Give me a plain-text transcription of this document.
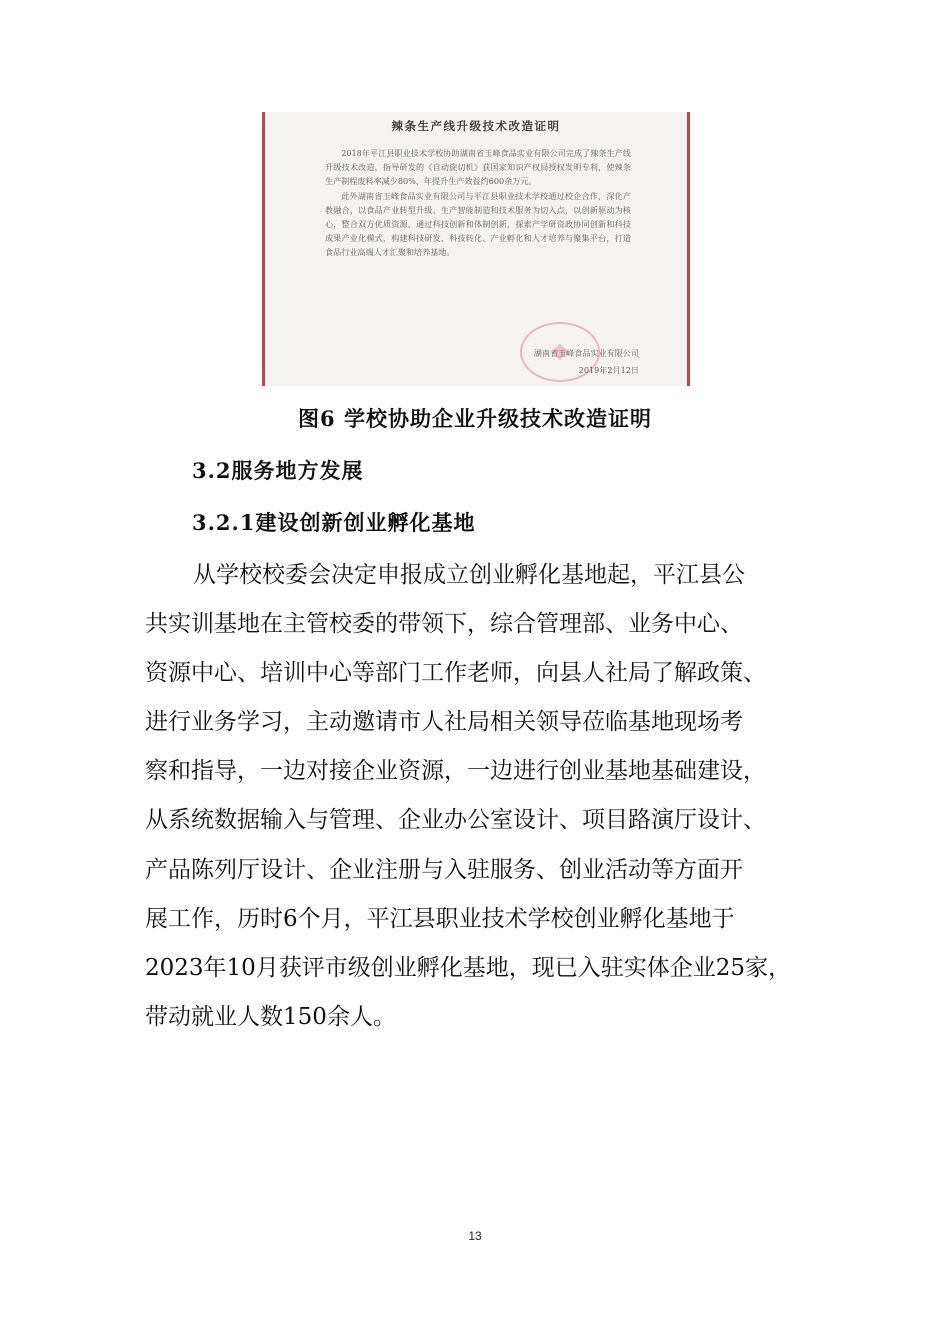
辣条生产线升级技术改造证明

2018年平江县职业技术学校协助湖南省玉峰食品实业有限公司完成了辣条生产线升级技术改造，指导研发的《自动旋切机》获国家知识产权局授权发明专利，使辣条生产制程废料率减少80%，年提升生产效益约600余万元。

此外湖南省玉峰食品实业有限公司与平江县职业技术学校通过校企合作，深化产教融合，以食品产业转型升级、生产智能制造和技术服务为切入点，以创新驱动为核心，整合双方优质资源，通过科技创新和体制创新，探索产学研资政协同创新和科技成果产业化模式，构建科技研发、科技转化、产业孵化和人才培养与聚集平台，打造食品行业高端人才汇聚和培养基地。

湖南省玉峰食品实业有限公司
2019年2月12日
图6 学校协助企业升级技术改造证明
3.2服务地方发展
3.2.1建设创新创业孵化基地
从学校校委会决定申报成立创业孵化基地起，平江县公
共实训基地在主管校委的带领下，综合管理部、业务中心、
资源中心、培训中心等部门工作老师，向县人社局了解政策、
进行业务学习，主动邀请市人社局相关领导莅临基地现场考
察和指导，一边对接企业资源，一边进行创业基地基础建设，
从系统数据输入与管理、企业办公室设计、项目路演厅设计、
产品陈列厅设计、企业注册与入驻服务、创业活动等方面开
展工作，历时6个月，平江县职业技术学校创业孵化基地于
2023年10月获评市级创业孵化基地，现已入驻实体企业25家，
带动就业人数150余人。
13
